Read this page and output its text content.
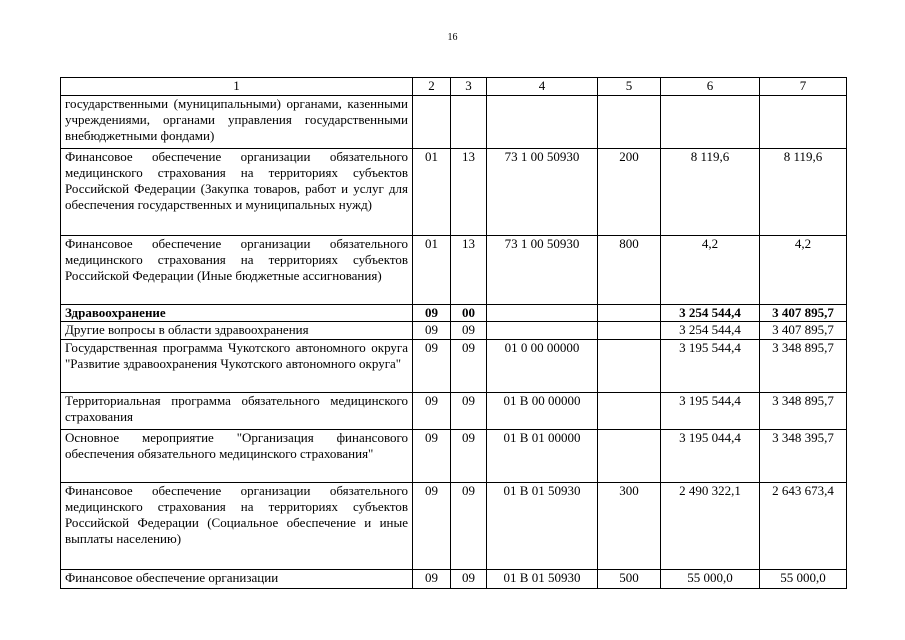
16
1	2	3	4	5	6	7
государственными (муниципальными) органами, казенными учреждениями, органами управления государственными внебюджетными фондами)						
Финансовое обеспечение организации обязательного медицинского страхования на территориях субъектов Российской Федерации (Закупка товаров, работ и услуг для обеспечения государственных и муниципальных нужд)	01	13	73 1 00 50930	200	8 119,6	8 119,6
Финансовое обеспечение организации обязательного медицинского страхования на территориях субъектов Российской Федерации (Иные бюджетные ассигнования)	01	13	73 1 00 50930	800	4,2	4,2
Здравоохранение	09	00			3 254 544,4	3 407 895,7
Другие вопросы в области здравоохранения	09	09			3 254 544,4	3 407 895,7
Государственная программа Чукотского автономного округа "Развитие здравоохранения Чукотского автономного округа"	09	09	01 0 00 00000		3 195 544,4	3 348 895,7
Территориальная программа обязательного медицинского страхования	09	09	01 В 00 00000		3 195 544,4	3 348 895,7
Основное мероприятие "Организация финансового обеспечения обязательного медицинского страхования"	09	09	01 В 01 00000		3 195 044,4	3 348 395,7
Финансовое обеспечение организации обязательного медицинского страхования на территориях субъектов Российской Федерации (Социальное обеспечение и иные выплаты населению)	09	09	01 В 01 50930	300	2 490 322,1	2 643 673,4
Финансовое обеспечение организации	09	09	01 В 01 50930	500	55 000,0	55 000,0
